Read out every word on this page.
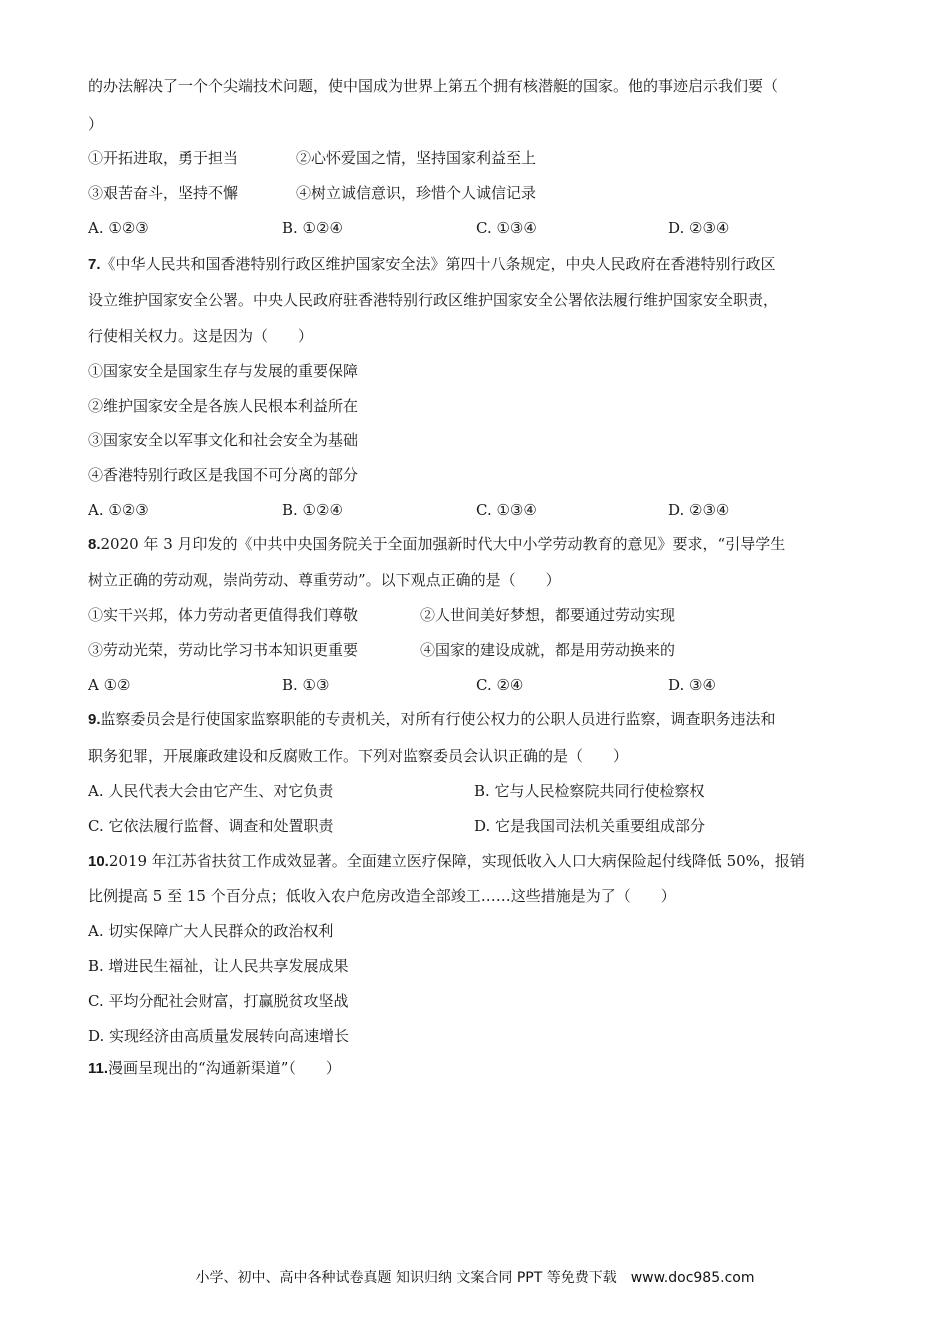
的办法解决了一个个尖端技术问题，使中国成为世界上第五个拥有核潜艇的国家。他的事迹启示我们要（
）
①开拓进取，勇于担当	②心怀爱国之情，坚持国家利益至上
③艰苦奋斗，坚持不懈	④树立诚信意识，珍惜个人诚信记录
A. ①②③	B. ①②④	C. ①③④	D. ②③④
7.《中华人民共和国香港特别行政区维护国家安全法》第四十八条规定，中央人民政府在香港特别行政区
设立维护国家安全公署。中央人民政府驻香港特别行政区维护国家安全公署依法履行维护国家安全职责，
行使相关权力。这是因为（　　）
①国家安全是国家生存与发展的重要保障
②维护国家安全是各族人民根本利益所在
③国家安全以军事文化和社会安全为基础
④香港特别行政区是我国不可分离的部分
A. ①②③	B. ①②④	C. ①③④	D. ②③④
8.2020 年 3 月印发的《中共中央国务院关于全面加强新时代大中小学劳动教育的意见》要求，“引导学生
树立正确的劳动观，崇尚劳动、尊重劳动”。以下观点正确的是（　　）
①实干兴邦，体力劳动者更值得我们尊敬	②人世间美好梦想，都要通过劳动实现
③劳动光荣，劳动比学习书本知识更重要	④国家的建设成就，都是用劳动换来的
A ①②	B. ①③	C. ②④	D. ③④
9.监察委员会是行使国家监察职能的专责机关，对所有行使公权力的公职人员进行监察，调查职务违法和
职务犯罪，开展廉政建设和反腐败工作。下列对监察委员会认识正确的是（　　）
A. 人民代表大会由它产生、对它负责	B. 它与人民检察院共同行使检察权
C. 它依法履行监督、调查和处置职责	D. 它是我国司法机关重要组成部分
10.2019 年江苏省扶贫工作成效显著。全面建立医疗保障，实现低收入人口大病保险起付线降低 50%，报销
比例提高 5 至 15 个百分点；低收入农户危房改造全部竣工……这些措施是为了（　　）
A. 切实保障广大人民群众的政治权利
B. 增进民生福祉，让人民共享发展成果
C. 平均分配社会财富，打赢脱贫攻坚战
D. 实现经济由高质量发展转向高速增长
11.漫画呈现出的“沟通新渠道”（　　）
小学、初中、高中各种试卷真题 知识归纳 文案合同 PPT 等免费下载　www.doc985.com
